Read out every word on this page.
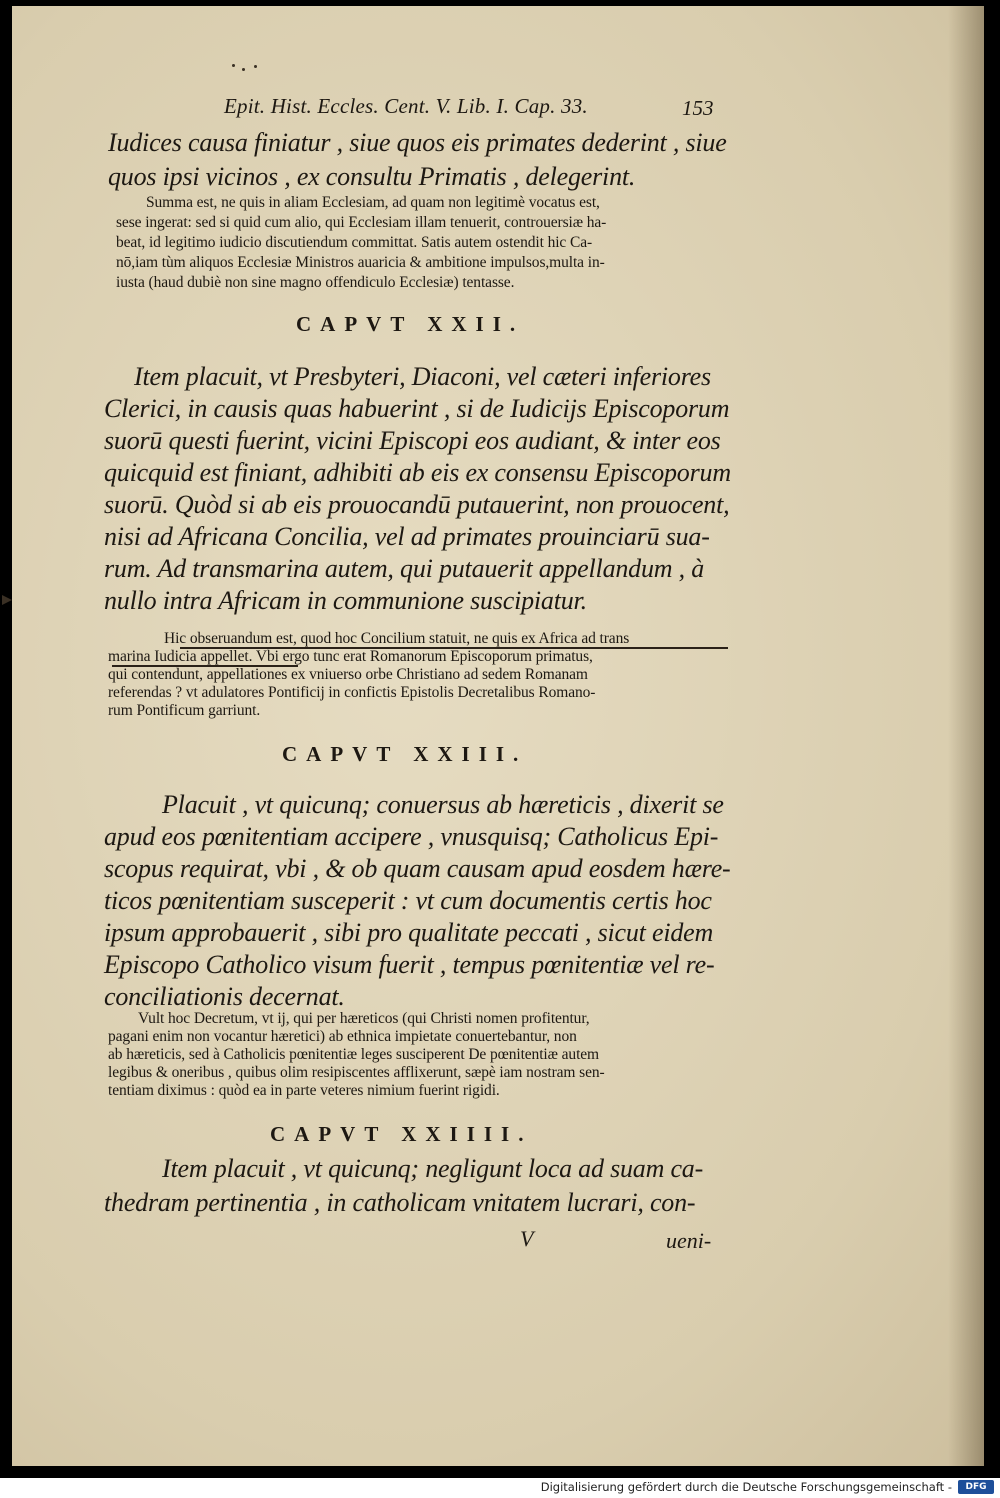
Epit. Hist. Eccles. Cent. V. Lib. I. Cap. 33.	153
Iudices causa finiatur , siue quos eis primates dederint , siue
quos ipsi vicinos , ex consultu Primatis , delegerint.
Summa est, ne quis in aliam Ecclesiam, ad quam non legitimè vocatus est,
sese ingerat: sed si quid cum alio, qui Ecclesiam illam tenuerit, controuersiæ ha-
beat, id legitimo iudicio discutiendum committat. Satis autem ostendit hic Ca-
nō,iam tùm aliquos Ecclesiæ Ministros auaricia & ambitione impulsos,multa in-
iusta (haud dubiè non sine magno offendiculo Ecclesiæ) tentasse.
CAPVT XXII.
Item placuit, vt Presbyteri, Diaconi, vel cæteri inferiores
Clerici, in causis quas habuerint , si de Iudicijs Episcoporum
suorū questi fuerint, vicini Episcopi eos audiant, & inter eos
quicquid est finiant, adhibiti ab eis ex consensu Episcoporum
suorū. Quòd si ab eis prouocandū putauerint, non prouocent,
nisi ad Africana Concilia, vel ad primates prouinciarū sua-
rum. Ad transmarina autem, qui putauerit appellandum , à
nullo intra Africam in communione suscipiatur.
Hic obseruandum est, quod hoc Concilium statuit, ne quis ex Africa ad trans
marina Iudicia appellet. Vbi ergo tunc erat Romanorum Episcoporum primatus,
qui contendunt, appellationes ex vniuerso orbe Christiano ad sedem Romanam
referendas ? vt adulatores Pontificij in confictis Epistolis Decretalibus Romano-
rum Pontificum garriunt.
CAPVT XXIII.
Placuit , vt quicunq; conuersus ab hæreticis , dixerit se
apud eos pœnitentiam accipere , vnusquisq; Catholicus Epi-
scopus requirat, vbi , & ob quam causam apud eosdem hære-
ticos pœnitentiam susceperit : vt cum documentis certis hoc
ipsum approbauerit , sibi pro qualitate peccati , sicut eidem
Episcopo Catholico visum fuerit , tempus pœnitentiæ vel re-
conciliationis decernat.
Vult hoc Decretum, vt ij, qui per hæreticos (qui Christi nomen profitentur,
pagani enim non vocantur hæretici) ab ethnica impietate conuertebantur, non
ab hæreticis, sed à Catholicis pœnitentiæ leges susciperent De pœnitentiæ autem
legibus & oneribus , quibus olim resipiscentes afflixerunt, sæpè iam nostram sen-
tentiam diximus : quòd ea in parte veteres nimium fuerint rigidi.
CAPVT XXIIII.
Item placuit , vt quicunq; negligunt loca ad suam ca-
thedram pertinentia , in catholicam vnitatem lucrari, con-
V	ueni-
Digitalisierung gefördert durch die Deutsche Forschungsgemeinschaft -	DFG
